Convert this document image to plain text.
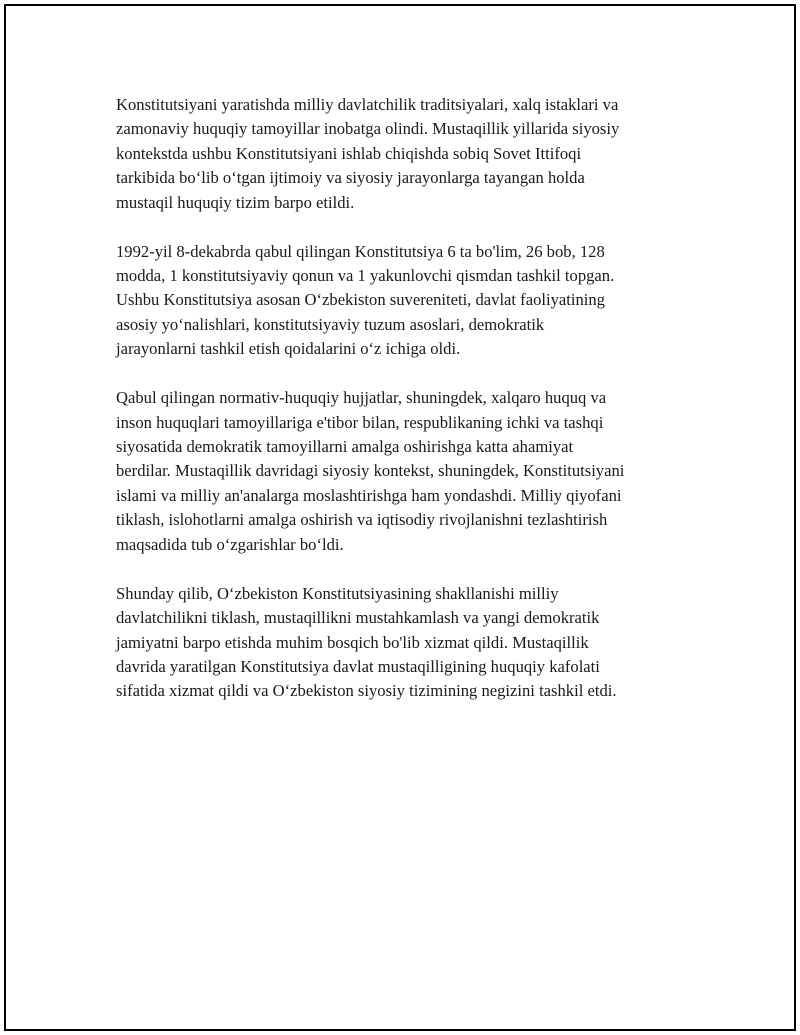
Konstitutsiyani yaratishda milliy davlatchilik traditsiyalari, xalq istaklari va
zamonaviy huquqiy tamoyillar inobatga olindi. Mustaqillik yillarida siyosiy
kontekstda ushbu Konstitutsiyani ishlab chiqishda sobiq Sovet Ittifoqi
tarkibida boʻlib oʻtgan ijtimoiy va siyosiy jarayonlarga tayangan holda
mustaqil huquqiy tizim barpo etildi.

1992-yil 8-dekabrda qabul qilingan Konstitutsiya 6 ta bo'lim, 26 bob, 128
modda, 1 konstitutsiyaviy qonun va 1 yakunlovchi qismdan tashkil topgan.
Ushbu Konstitutsiya asosan Oʻzbekiston suvereniteti, davlat faoliyatining
asosiy yoʻnalishlari, konstitutsiyaviy tuzum asoslari, demokratik
jarayonlarni tashkil etish qoidalarini oʻz ichiga oldi.

Qabul qilingan normativ-huquqiy hujjatlar, shuningdek, xalqaro huquq va
inson huquqlari tamoyillariga e'tibor bilan, respublikaning ichki va tashqi
siyosatida demokratik tamoyillarni amalga oshirishga katta ahamiyat
berdilar. Mustaqillik davridagi siyosiy kontekst, shuningdek, Konstitutsiyani
islami va milliy an'analarga moslashtirishga ham yondashdi. Milliy qiyofani
tiklash, islohotlarni amalga oshirish va iqtisodiy rivojlanishni tezlashtirish
maqsadida tub oʻzgarishlar boʻldi.

Shunday qilib, Oʻzbekiston Konstitutsiyasining shakllanishi milliy
davlatchilikni tiklash, mustaqillikni mustahkamlash va yangi demokratik
jamiyatni barpo etishda muhim bosqich bo'lib xizmat qildi. Mustaqillik
davrida yaratilgan Konstitutsiya davlat mustaqilligining huquqiy kafolati
sifatida xizmat qildi va Oʻzbekiston siyosiy tizimining negizini tashkil etdi.
